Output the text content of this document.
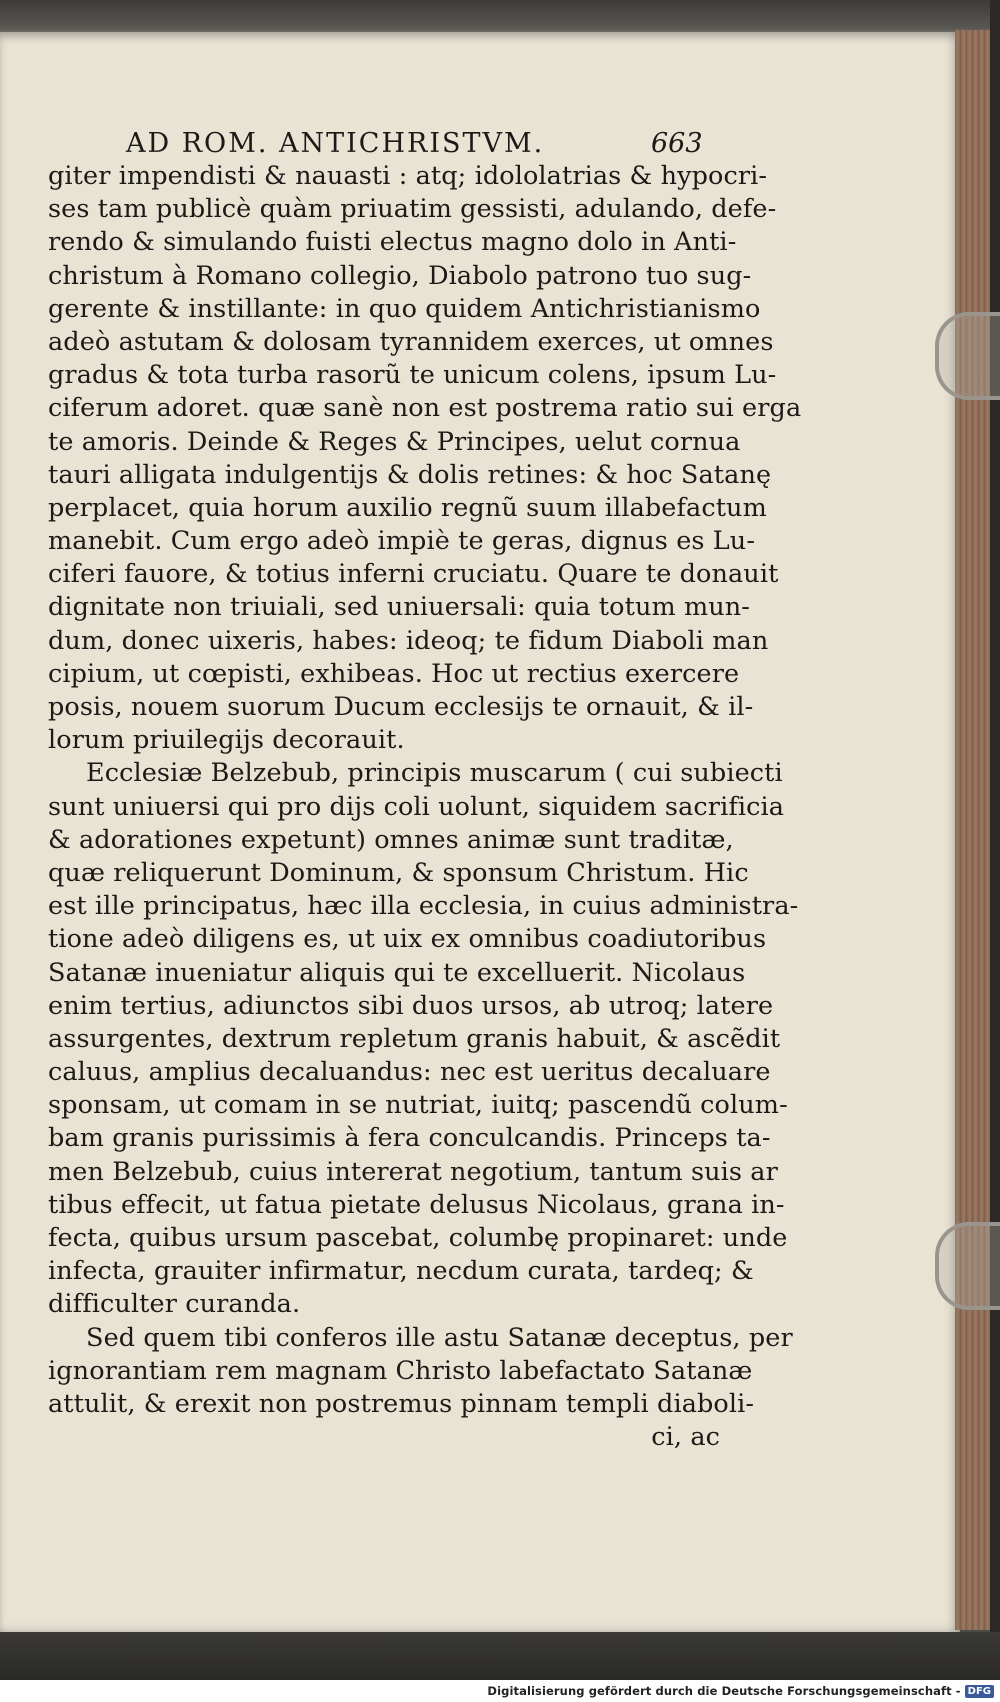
AD ROM. ANTICHRISTVM.	663
giter impendisti & nauasti : atq; idololatrias & hypocri-
ses tam publicè quàm priuatim gessisti, adulando, defe-
rendo & simulando fuisti electus magno dolo in Anti-
christum à Romano collegio, Diabolo patrono tuo sug-
gerente & instillante: in quo quidem Antichristianismo
adeò astutam & dolosam tyrannidem exerces, ut omnes
gradus & tota turba rasorũ te unicum colens, ipsum Lu-
ciferum adoret. quæ sanè non est postrema ratio sui erga
te amoris. Deinde & Reges & Principes, uelut cornua
tauri alligata indulgentijs & dolis retines: & hoc Satanę
perplacet, quia horum auxilio regnũ suum illabefactum
manebit. Cum ergo adeò impiè te geras, dignus es Lu-
ciferi fauore, & totius inferni cruciatu. Quare te donauit
dignitate non triuiali, sed uniuersali: quia totum mun-
dum, donec uixeris, habes: ideoq; te fidum Diaboli man
cipium, ut cœpisti, exhibeas. Hoc ut rectius exercere
posis, nouem suorum Ducum ecclesijs te ornauit, & il-
lorum priuilegijs decorauit.
Ecclesiæ Belzebub, principis muscarum ( cui subiecti
sunt uniuersi qui pro dijs coli uolunt, siquidem sacrificia
& adorationes expetunt) omnes animæ sunt traditæ,
quæ reliquerunt Dominum, & sponsum Christum. Hic
est ille principatus, hæc illa ecclesia, in cuius administra-
tione adeò diligens es, ut uix ex omnibus coadiutoribus
Satanæ inueniatur aliquis qui te excelluerit. Nicolaus
enim tertius, adiunctos sibi duos ursos, ab utroq; latere
assurgentes, dextrum repletum granis habuit, & ascẽdit
caluus, amplius decaluandus: nec est ueritus decaluare
sponsam, ut comam in se nutriat, iuitq; pascendũ colum-
bam granis purissimis à fera conculcandis. Princeps ta-
men Belzebub, cuius intererat negotium, tantum suis ar
tibus effecit, ut fatua pietate delusus Nicolaus, grana in-
fecta, quibus ursum pascebat, columbę propinaret: unde
infecta, grauiter infirmatur, necdum curata, tardeq; &
difficulter curanda.
Sed quem tibi conferos ille astu Satanæ deceptus, per
ignorantiam rem magnam Christo labefactato Satanæ
attulit, & erexit non postremus pinnam templi diaboli-
ci, ac
Digitalisierung gefördert durch die Deutsche Forschungsgemeinschaft - DFG
